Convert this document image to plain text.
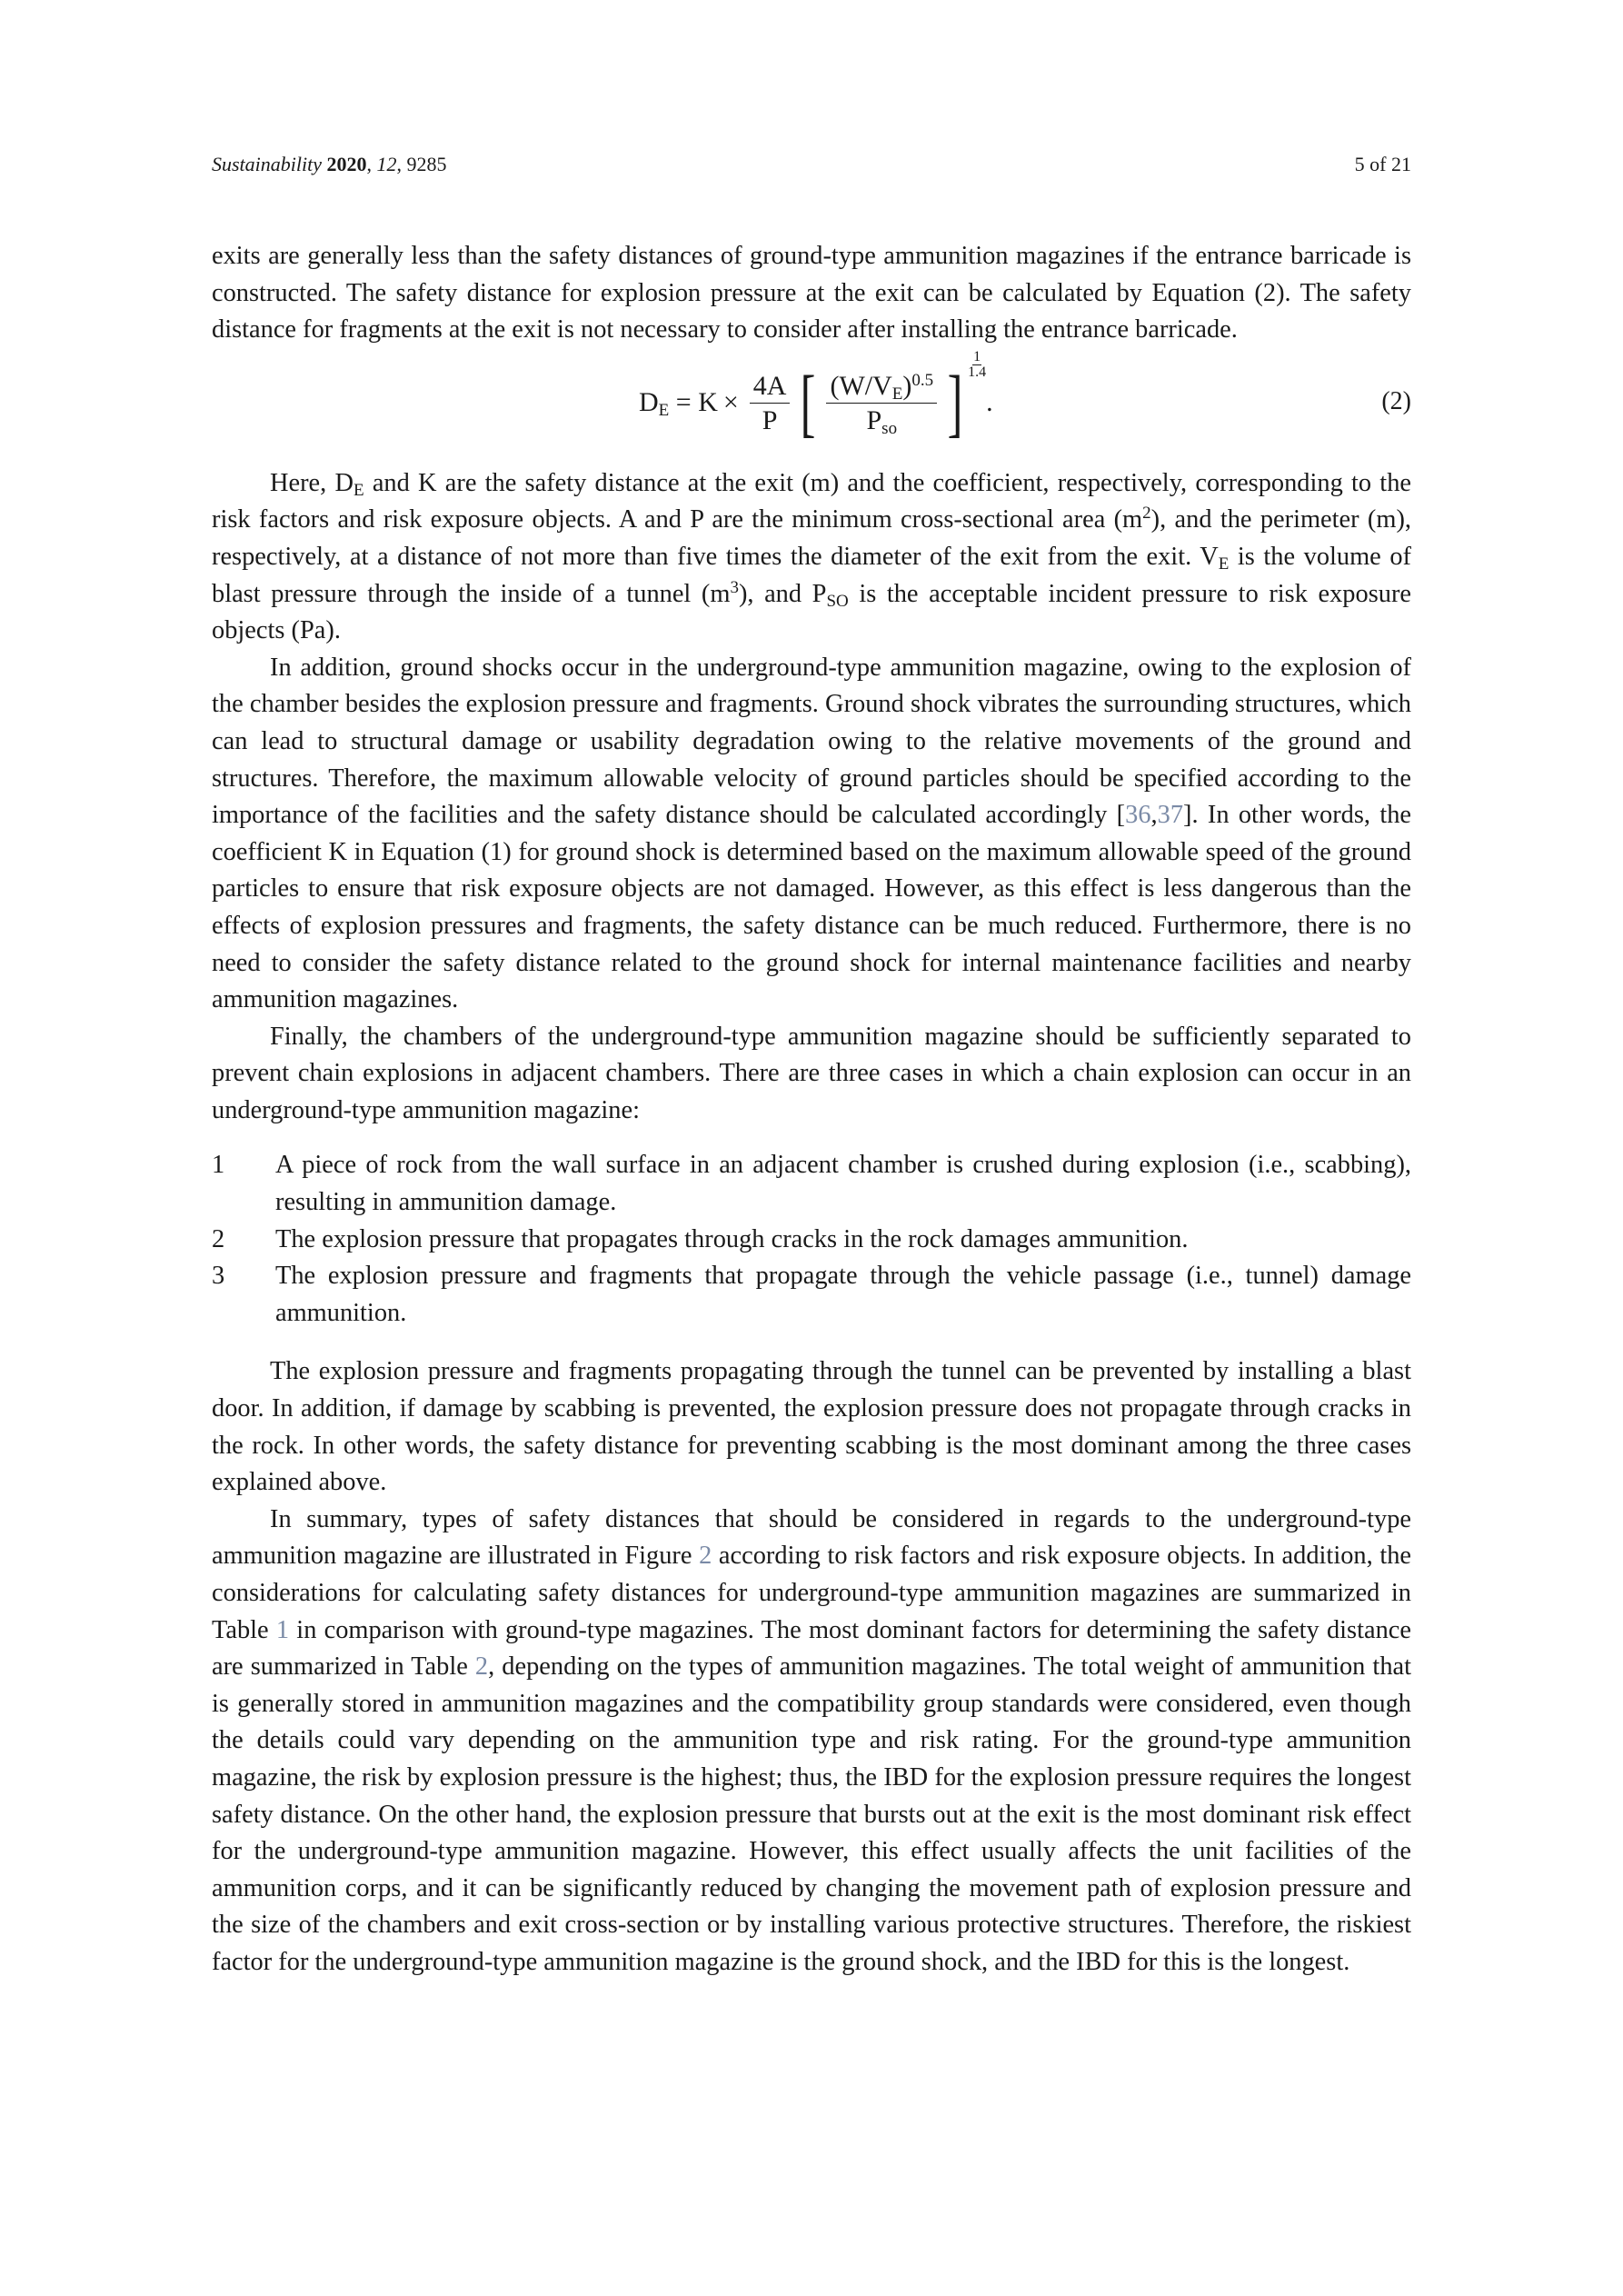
Sustainability 2020, 12, 9285	5 of 21

exits are generally less than the safety distances of ground-type ammunition magazines if the entrance barricade is constructed. The safety distance for explosion pressure at the exit can be calculated by Equation (2). The safety distance for fragments at the exit is not necessary to consider after installing the entrance barricade.

$D_E$
= $K \times \frac{4A}{P}$ [ $\frac{(W/V_E)^{0.5}}{P_{so}}$ ]
1
1.4
.	(2)

Here, $D_E$ and K are the safety distance at the exit (m) and the coefficient, respectively, corresponding to the risk factors and risk exposure objects. A and P are the minimum cross-sectional area $(m^2)$, and the perimeter (m), respectively, at a distance of not more than five times the diameter of the exit from the exit. $V_E$ is the volume of blast pressure through the inside of a tunnel $(m^3)$, and $P_{SO}$ is the acceptable incident pressure to risk exposure objects (Pa).

In addition, ground shocks occur in the underground-type ammunition magazine, owing to the explosion of the chamber besides the explosion pressure and fragments. Ground shock vibrates the surrounding structures, which can lead to structural damage or usability degradation owing to the relative movements of the ground and structures. Therefore, the maximum allowable velocity of ground particles should be specified according to the importance of the facilities and the safety distance should be calculated accordingly [36,37]. In other words, the coefficient K in Equation (1) for ground shock is determined based on the maximum allowable speed of the ground particles to ensure that risk exposure objects are not damaged. However, as this effect is less dangerous than the effects of explosion pressures and fragments, the safety distance can be much reduced. Furthermore, there is no need to consider the safety distance related to the ground shock for internal maintenance facilities and nearby ammunition magazines.

Finally, the chambers of the underground-type ammunition magazine should be sufficiently separated to prevent chain explosions in adjacent chambers. There are three cases in which a chain explosion can occur in an underground-type ammunition magazine:

1	A piece of rock from the wall surface in an adjacent chamber is crushed during explosion (i.e., scabbing), resulting in ammunition damage.
2	The explosion pressure that propagates through cracks in the rock damages ammunition.
3	The explosion pressure and fragments that propagate through the vehicle passage (i.e., tunnel) damage ammunition.

The explosion pressure and fragments propagating through the tunnel can be prevented by installing a blast door. In addition, if damage by scabbing is prevented, the explosion pressure does not propagate through cracks in the rock. In other words, the safety distance for preventing scabbing is the most dominant among the three cases explained above.

In summary, types of safety distances that should be considered in regards to the underground-type ammunition magazine are illustrated in Figure 2 according to risk factors and risk exposure objects. In addition, the considerations for calculating safety distances for underground-type ammunition magazines are summarized in Table 1 in comparison with ground-type magazines. The most dominant factors for determining the safety distance are summarized in Table 2, depending on the types of ammunition magazines. The total weight of ammunition that is generally stored in ammunition magazines and the compatibility group standards were considered, even though the details could vary depending on the ammunition type and risk rating. For the ground-type ammunition magazine, the risk by explosion pressure is the highest; thus, the IBD for the explosion pressure requires the longest safety distance. On the other hand, the explosion pressure that bursts out at the exit is the most dominant risk effect for the underground-type ammunition magazine. However, this effect usually affects the unit facilities of the ammunition corps, and it can be significantly reduced by changing the movement path of explosion pressure and the size of the chambers and exit cross-section or by installing various protective structures. Therefore, the riskiest factor for the underground-type ammunition magazine is the ground shock, and the IBD for this is the longest.
